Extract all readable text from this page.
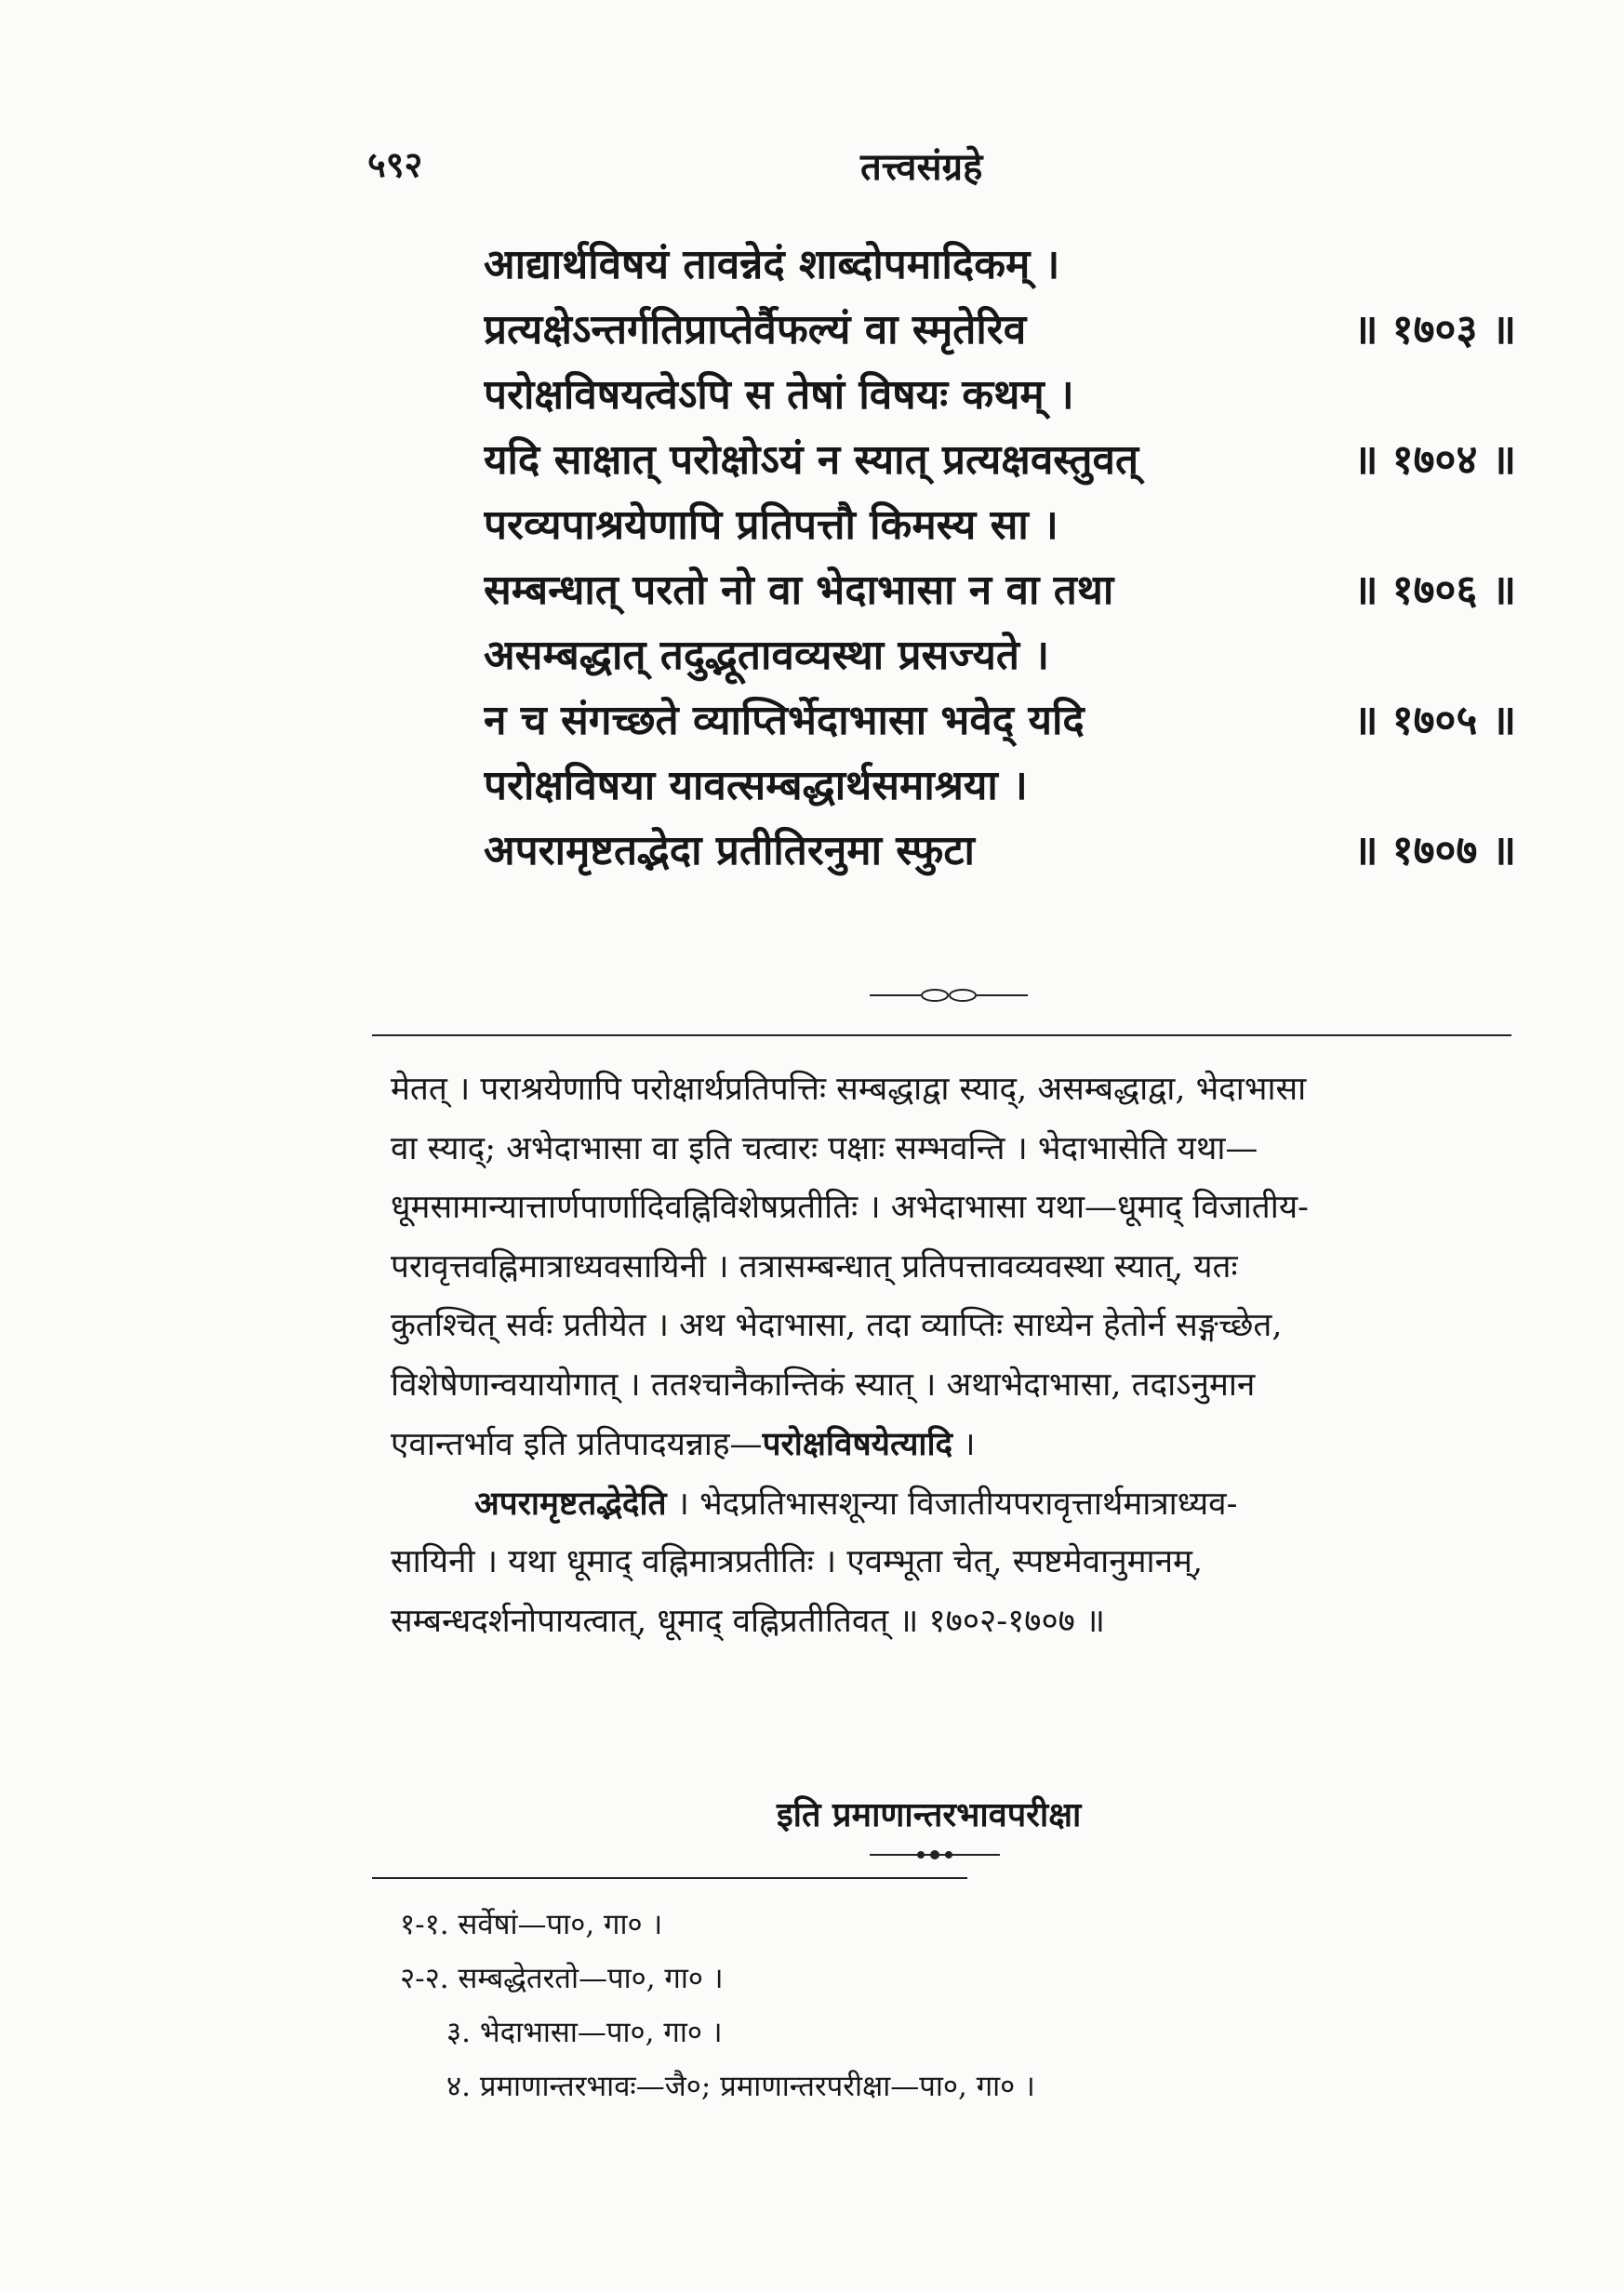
५९२	तत्त्वसंग्रहे
आद्यार्थविषयं तावन्नेदं शाब्दोपमादिकम् ।
प्रत्यक्षेऽन्तर्गतिप्राप्तेर्वैफल्यं वा स्मृतेरिव	॥ १७०३ ॥
परोक्षविषयत्वेऽपि स तेषां विषयः कथम् ।
यदि साक्षात् परोक्षोऽयं न स्यात् प्रत्यक्षवस्तुवत्	॥ १७०४ ॥
परव्यपाश्रयेणापि प्रतिपत्तौ किमस्य सा ।
सम्बन्धात् परतो नो वा भेदाभासा न वा तथा	॥ १७०६ ॥
असम्बद्धात् तदुद्भूतावव्यस्था प्रसज्यते ।
न च संगच्छते व्याप्तिर्भेदाभासा भवेद् यदि	॥ १७०५ ॥
परोक्षविषया यावत्सम्बद्धार्थसमाश्रया ।
अपरामृष्टतद्भेदा प्रतीतिरनुमा स्फुटा	॥ १७०७ ॥
मेतत् । पराश्रयेणापि परोक्षार्थप्रतिपत्तिः सम्बद्धाद्वा स्याद्, असम्बद्धाद्वा, भेदाभासा
वा स्याद्; अभेदाभासा वा इति चत्वारः पक्षाः सम्भवन्ति । भेदाभासेति यथा—
धूमसामान्यात्तार्णपार्णादिवह्निविशेषप्रतीतिः । अभेदाभासा यथा—धूमाद् विजातीय-
परावृत्तवह्निमात्राध्यवसायिनी । तत्रासम्बन्धात् प्रतिपत्तावव्यवस्था स्यात्, यतः
कुतश्चित् सर्वः प्रतीयेत । अथ भेदाभासा, तदा व्याप्तिः साध्येन हेतोर्न सङ्गच्छेत,
विशेषेणान्वयायोगात् । ततश्चानैकान्तिकं स्यात् । अथाभेदाभासा, तदाऽनुमान
एवान्तर्भाव इति प्रतिपादयन्नाह—परोक्षविषयेत्यादि ।
अपरामृष्टतद्भेदेति । भेदप्रतिभासशून्या विजातीयपरावृत्तार्थमात्राध्यव-
सायिनी । यथा धूमाद् वह्निमात्रप्रतीतिः । एवम्भूता चेत्, स्पष्टमेवानुमानम्,
सम्बन्धदर्शनोपायत्वात्, धूमाद् वह्निप्रतीतिवत् ॥ १७०२-१७०७ ॥
इति प्रमाणान्तरभावपरीक्षा
१-१. सर्वेषां—पा०, गा० ।
२-२. सम्बद्धेतरतो—पा०, गा० ।
३. भेदाभासा—पा०, गा० ।
४. प्रमाणान्तरभावः—जै०; प्रमाणान्तरपरीक्षा—पा०, गा० ।
